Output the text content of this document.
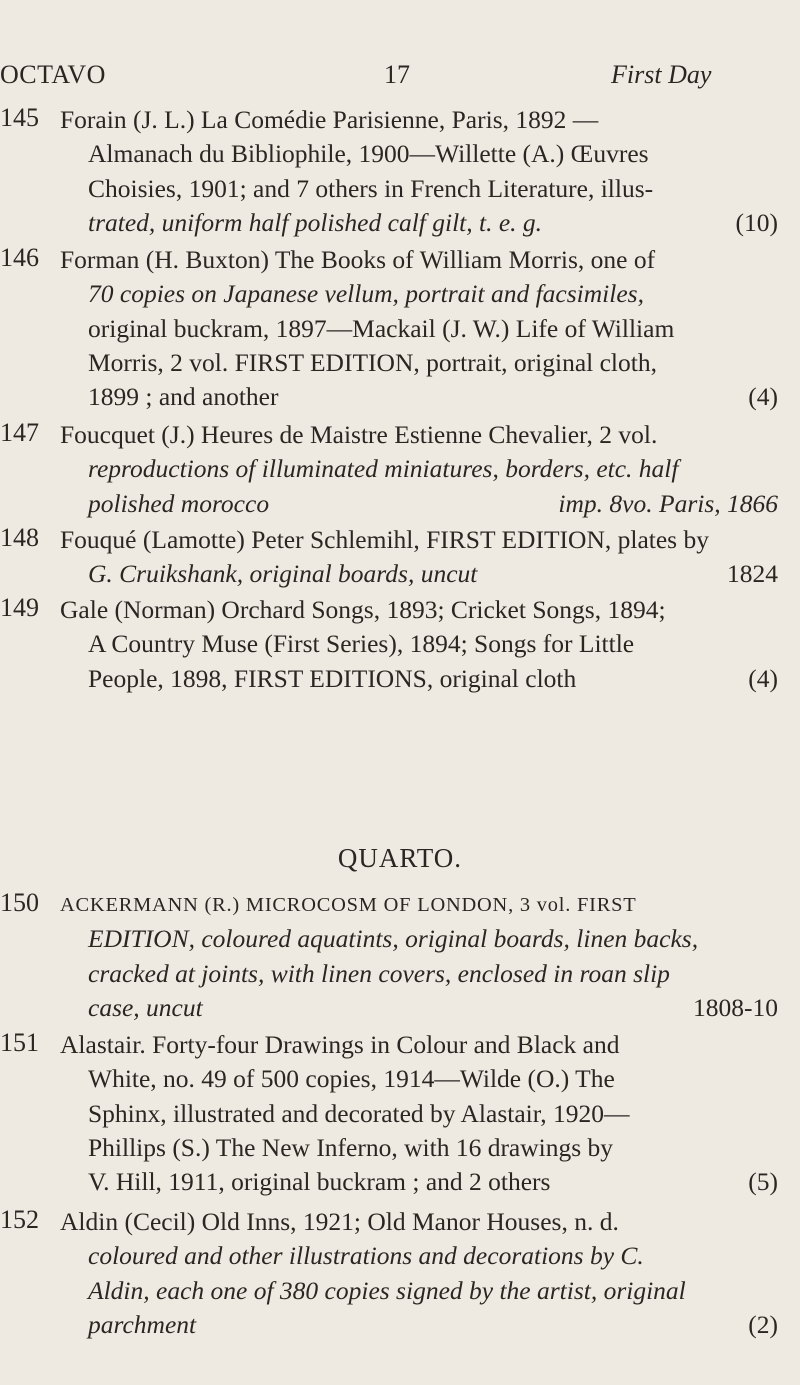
OCTAVO	17	First Day
145 Forain (J. L.) La Comédie Parisienne, Paris, 1892 —
Almanach du Bibliophile, 1900—Willette (A.) Œuvres
Choisies, 1901; and 7 others in French Literature, illus-
trated, uniform half polished calf gilt, t. e. g.	(10)
146 Forman (H. Buxton) The Books of William Morris, one of
70 copies on Japanese vellum, portrait and facsimiles,
original buckram, 1897—Mackail (J. W.) Life of William
Morris, 2 vol. FIRST EDITION, portrait, original cloth,
1899 ; and another	(4)
147 Foucquet (J.) Heures de Maistre Estienne Chevalier, 2 vol.
reproductions of illuminated miniatures, borders, etc. half
polished morocco	imp. 8vo. Paris, 1866
148 Fouqué (Lamotte) Peter Schlemihl, FIRST EDITION, plates by
G. Cruikshank, original boards, uncut	1824
149 Gale (Norman) Orchard Songs, 1893; Cricket Songs, 1894;
A Country Muse (First Series), 1894; Songs for Little
People, 1898, FIRST EDITIONS, original cloth	(4)
QUARTO.
150	ACKERMANN (R.) MICROCOSM OF LONDON, 3 vol. FIRST
EDITION, coloured aquatints, original boards, linen backs,
cracked at joints, with linen covers, enclosed in roan slip
case, uncut	1808-10
151 Alastair. Forty-four Drawings in Colour and Black and
White, no. 49 of 500 copies, 1914—Wilde (O.) The
Sphinx, illustrated and decorated by Alastair, 1920—
Phillips (S.) The New Inferno, with 16 drawings by
V. Hill, 1911, original buckram ; and 2 others	(5)
152 Aldin (Cecil) Old Inns, 1921; Old Manor Houses, n. d.
coloured and other illustrations and decorations by C.
Aldin, each one of 380 copies signed by the artist, original
parchment	(2)
